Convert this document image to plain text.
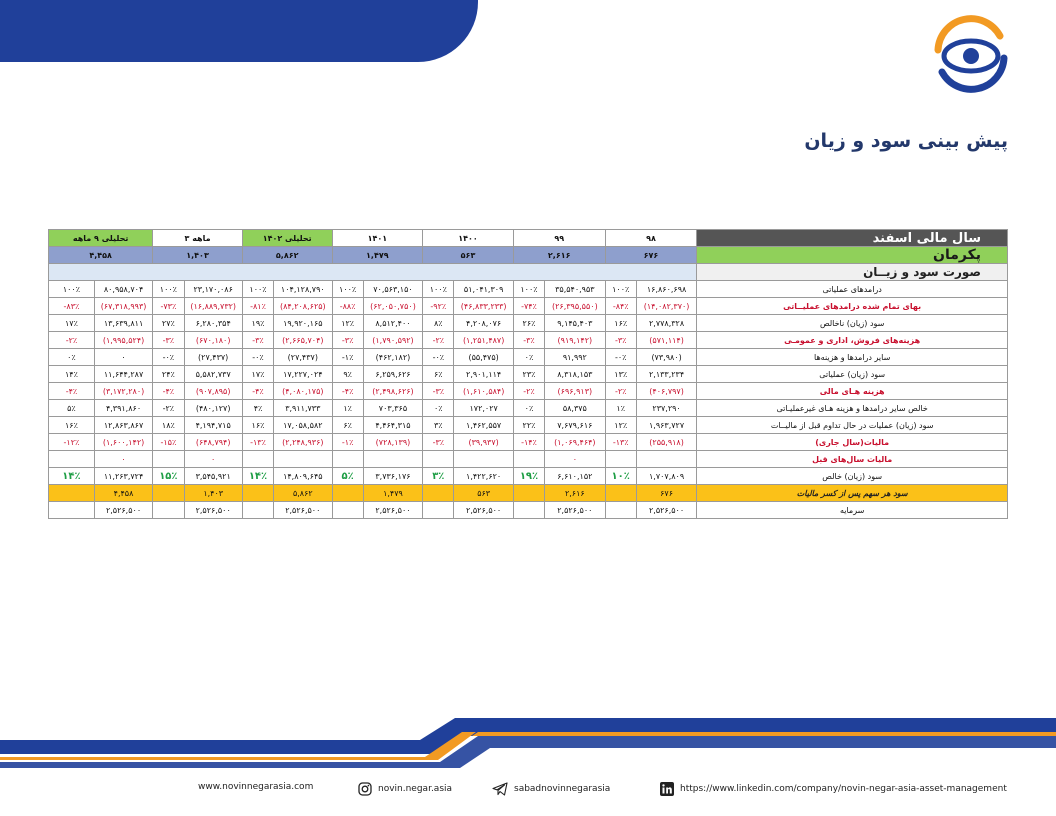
پیش بینی سود و زیان
تحلیلی ۹ ماهه		ماهه ۳		تحلیلی ۱۴۰۲		۱۴۰۱		۱۴۰۰		۹۹		۹۸		سال مالی اسفند
۴,۴۵۸		۱,۴۰۳		۵,۸۶۲		۱,۴۷۹		۵۶۳		۲,۶۱۶		۶۷۶		پکرمان
														صورت سود و زیــان
۱۰۰٪	۸۰,۹۵۸,۷۰۴	۱۰۰٪	۲۳,۱۷۰,۰۸۶	۱۰۰٪	۱۰۴,۱۲۸,۷۹۰	۱۰۰٪	۷۰,۵۶۳,۱۵۰	۱۰۰٪	۵۱,۰۴۱,۳۰۹	۱۰۰٪	۳۵,۵۴۰,۹۵۳	۱۰۰٪	۱۶,۸۶۰,۶۹۸	درامدهای عملیاتی
-۸۳٪	(۶۷,۳۱۸,۹۹۳)	-۷۳٪	(۱۶,۸۸۹,۷۳۲)	-۸۱٪	(۸۴,۲۰۸,۶۲۵)	-۸۸٪	(۶۲,۰۵۰,۷۵۰)	-۹۲٪	(۴۶,۸۳۳,۲۳۳)	-۷۴٪	(۲۶,۳۹۵,۵۵۰)	-۸۴٪	(۱۴,۰۸۲,۳۷۰)	بهای تمام شده درامدهای عملیــاتی
۱۷٪	۱۳,۶۳۹,۸۱۱	۲۷٪	۶,۲۸۰,۳۵۴	۱۹٪	۱۹,۹۲۰,۱۶۵	۱۲٪	۸,۵۱۲,۴۰۰	۸٪	۴,۲۰۸,۰۷۶	۲۶٪	۹,۱۴۵,۴۰۳	۱۶٪	۲,۷۷۸,۳۲۸	سود (زیان) ناخالص
-۲٪	(۱,۹۹۵,۵۲۴)	-۳٪	(۶۷۰,۱۸۰)	-۳٪	(۲,۶۶۵,۷۰۴)	-۳٪	(۱,۷۹۰,۵۹۲)	-۲٪	(۱,۲۵۱,۴۸۷)	-۳٪	(۹۱۹,۱۴۲)	-۳٪	(۵۷۱,۱۱۴)	هزینه‌های فروش، اداری و عمومـی
۰٪	۰	-۰٪	(۲۷,۴۳۷)	-۰٪	(۲۷,۴۳۷)	-۱٪	(۴۶۲,۱۸۲)	-۰٪	(۵۵,۴۷۵)	۰٪	۹۱,۹۹۲	-۰٪	(۷۳,۹۸۰)	سایر درامدها و هزینه‌ها
۱۴٪	۱۱,۶۴۴,۲۸۷	۲۴٪	۵,۵۸۲,۷۳۷	۱۷٪	۱۷,۲۲۷,۰۲۴	۹٪	۶,۲۵۹,۶۲۶	۶٪	۲,۹۰۱,۱۱۴	۲۳٪	۸,۳۱۸,۱۵۳	۱۳٪	۲,۱۳۳,۲۳۴	سود (زیان) عملیاتی
-۴٪	(۳,۱۷۲,۲۸۰)	-۴٪	(۹۰۷,۸۹۵)	-۴٪	(۴,۰۸۰,۱۷۵)	-۴٪	(۲,۴۹۸,۶۲۶)	-۳٪	(۱,۶۱۰,۵۸۴)	-۲٪	(۶۹۶,۹۱۳)	-۲٪	(۴۰۶,۷۹۷)	هزینه هـای مالی
۵٪	۴,۳۹۱,۸۶۰	-۲٪	(۴۸۰,۱۲۷)	۴٪	۳,۹۱۱,۷۳۳	۱٪	۷۰۳,۳۶۵	۰٪	۱۷۲,۰۲۷	۰٪	۵۸,۳۷۵	۱٪	۲۳۷,۲۹۰	خالص سایر درامدها و هزینه هـای غیرعملیـاتی
۱۶٪	۱۲,۸۶۳,۸۶۷	۱۸٪	۴,۱۹۴,۷۱۵	۱۶٪	۱۷,۰۵۸,۵۸۲	۶٪	۴,۴۶۴,۳۱۵	۳٪	۱,۴۶۲,۵۵۷	۲۲٪	۷,۶۷۹,۶۱۶	۱۲٪	۱,۹۶۳,۷۲۷	سود (زیان) عملیات در حال تداوم قبل از مالیــات
-۱۲٪	(۱,۶۰۰,۱۴۲)	-۱۵٪	(۶۴۸,۷۹۴)	-۱۳٪	(۲,۲۴۸,۹۳۶)	-۱٪	(۷۲۸,۱۳۹)	-۳٪	(۳۹,۹۳۷)	-۱۴٪	(۱,۰۶۹,۴۶۴)	-۱۳٪	(۲۵۵,۹۱۸)	مالیات(سال جاری)
	۰		۰								۰			مالیات سال‌های قبل
۱۴٪	۱۱,۲۶۳,۷۲۴	۱۵٪	۳,۵۴۵,۹۲۱	۱۴٪	۱۴,۸۰۹,۶۴۵	۵٪	۳,۷۳۶,۱۷۶	۳٪	۱,۴۲۲,۶۲۰	۱۹٪	۶,۶۱۰,۱۵۲	۱۰٪	۱,۷۰۷,۸۰۹	سود (زیان) خالص
	۴,۴۵۸		۱,۴۰۳		۵,۸۶۲		۱,۴۷۹		۵۶۳		۲,۶۱۶		۶۷۶	سود هر سهم پس از کسر مالیات
	۲,۵۲۶,۵۰۰		۲,۵۲۶,۵۰۰		۲,۵۲۶,۵۰۰		۲,۵۲۶,۵۰۰		۲,۵۲۶,۵۰۰		۲,۵۲۶,۵۰۰		۲,۵۲۶,۵۰۰	سرمایه
www.novinnegarasia.com	novin.negar.asia	sabadnovinnegarasia	https://www.linkedin.com/company/novin-negar-asia-asset-management
